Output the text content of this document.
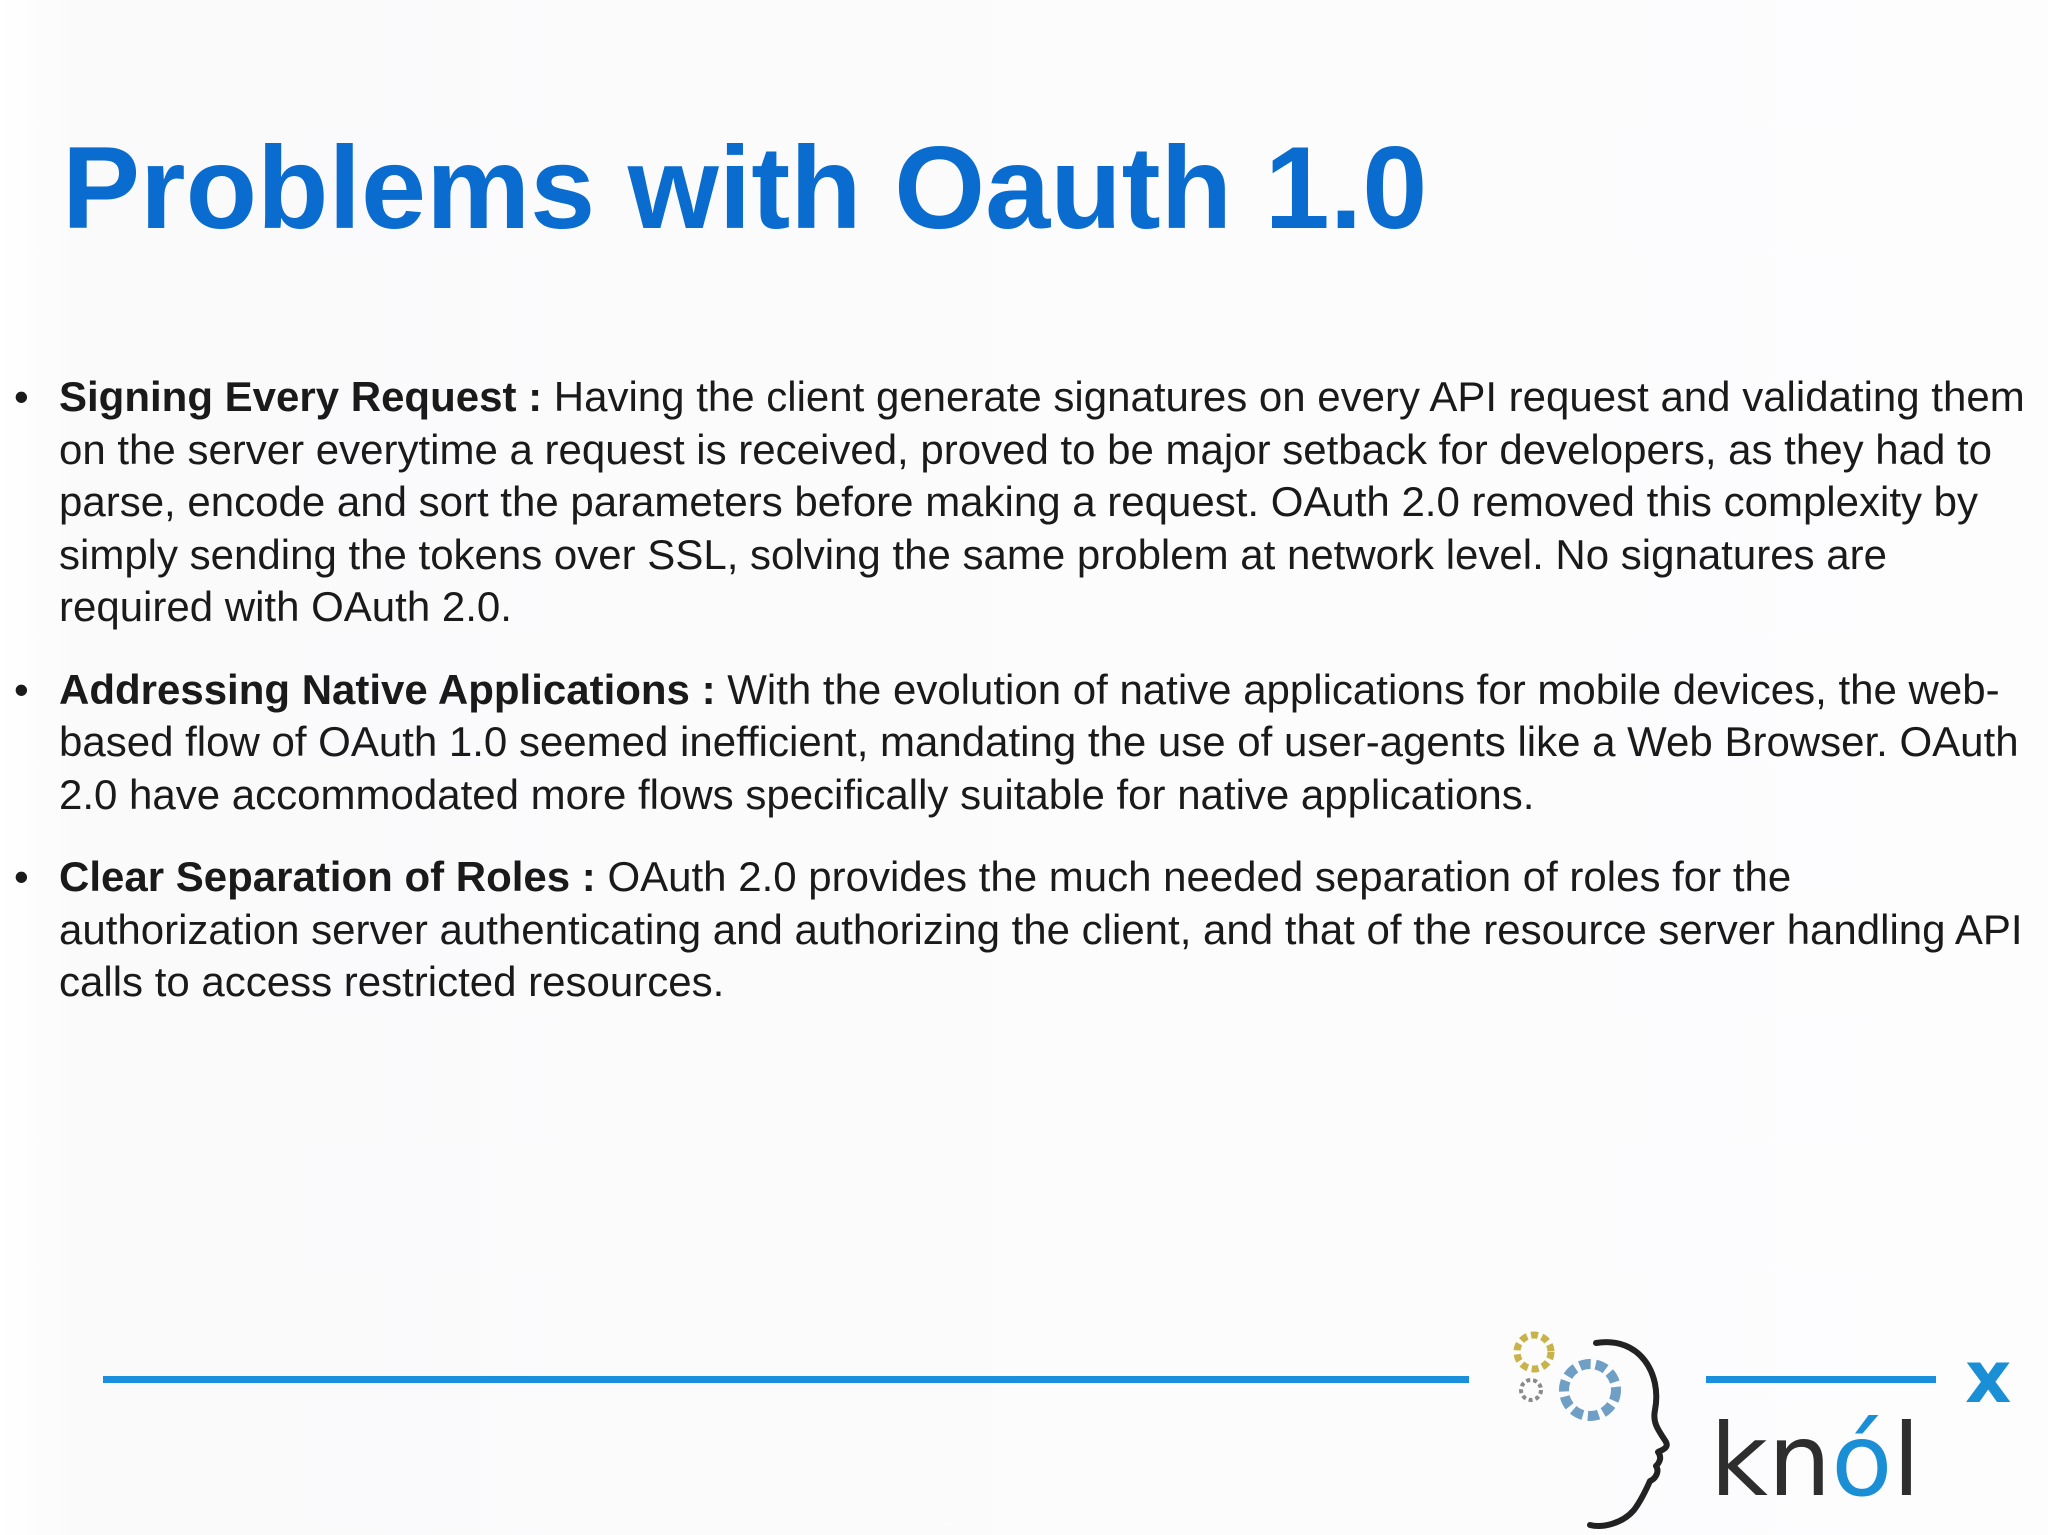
Problems with Oauth 1.0
• Signing Every Request : Having the client generate signatures on every API request and validating them on the server everytime a request is received, proved to be major setback for developers, as they had to parse, encode and sort the parameters before making a request. OAuth 2.0 removed this complexity by simply sending the tokens over SSL, solving the same problem at network level. No signatures are required with OAuth 2.0.
• Addressing Native Applications : With the evolution of native applications for mobile devices, the web-based flow of OAuth 1.0 seemed inefficient, mandating the use of user-agents like a Web Browser. OAuth 2.0 have accommodated more flows specifically suitable for native applications.
• Clear Separation of Roles : OAuth 2.0 provides the much needed separation of roles for the authorization server authenticating and authorizing the client, and that of the resource server handling API calls to access restricted resources.
knól
x
